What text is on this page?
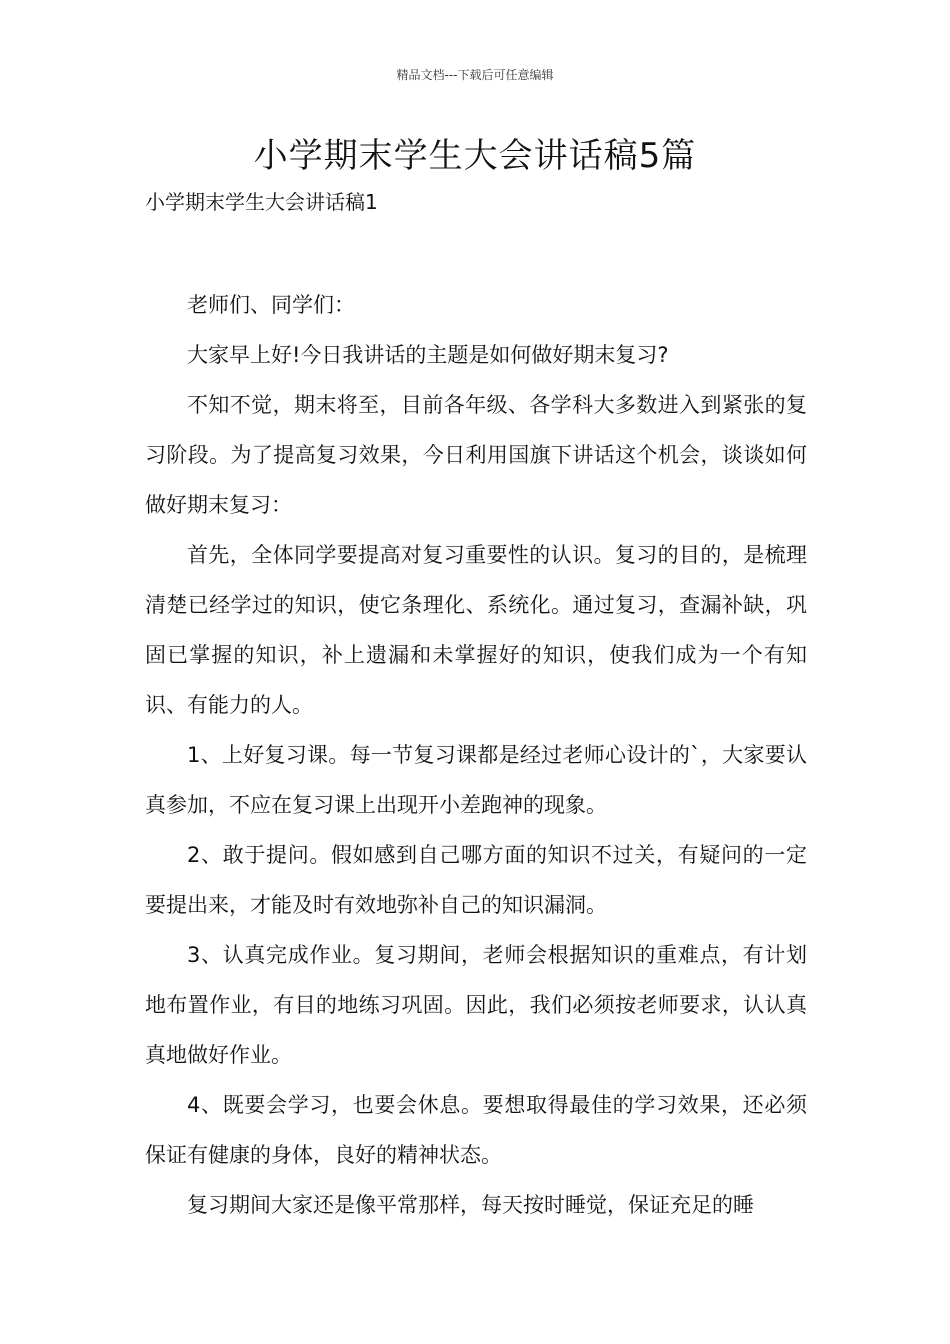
精品文档---下载后可任意编辑
小学期末学生大会讲话稿5篇
小学期末学生大会讲话稿1

老师们、同学们：

大家早上好!今日我讲话的主题是如何做好期末复习?

不知不觉，期末将至，目前各年级、各学科大多数进入到紧张的复习阶段。为了提高复习效果，今日利用国旗下讲话这个机会，谈谈如何做好期末复习：

首先，全体同学要提高对复习重要性的认识。复习的目的，是梳理清楚已经学过的知识，使它条理化、系统化。通过复习，查漏补缺，巩固已掌握的知识，补上遗漏和未掌握好的知识，使我们成为一个有知识、有能力的人。

1、上好复习课。每一节复习课都是经过老师心设计的`，大家要认真参加，不应在复习课上出现开小差跑神的现象。

2、敢于提问。假如感到自己哪方面的知识不过关，有疑问的一定要提出来，才能及时有效地弥补自己的知识漏洞。

3、认真完成作业。复习期间，老师会根据知识的重难点，有计划地布置作业，有目的地练习巩固。因此，我们必须按老师要求，认认真真地做好作业。

4、既要会学习，也要会休息。要想取得最佳的学习效果，还必须保证有健康的身体，良好的精神状态。

复习期间大家还是像平常那样，每天按时睡觉，保证充足的睡
